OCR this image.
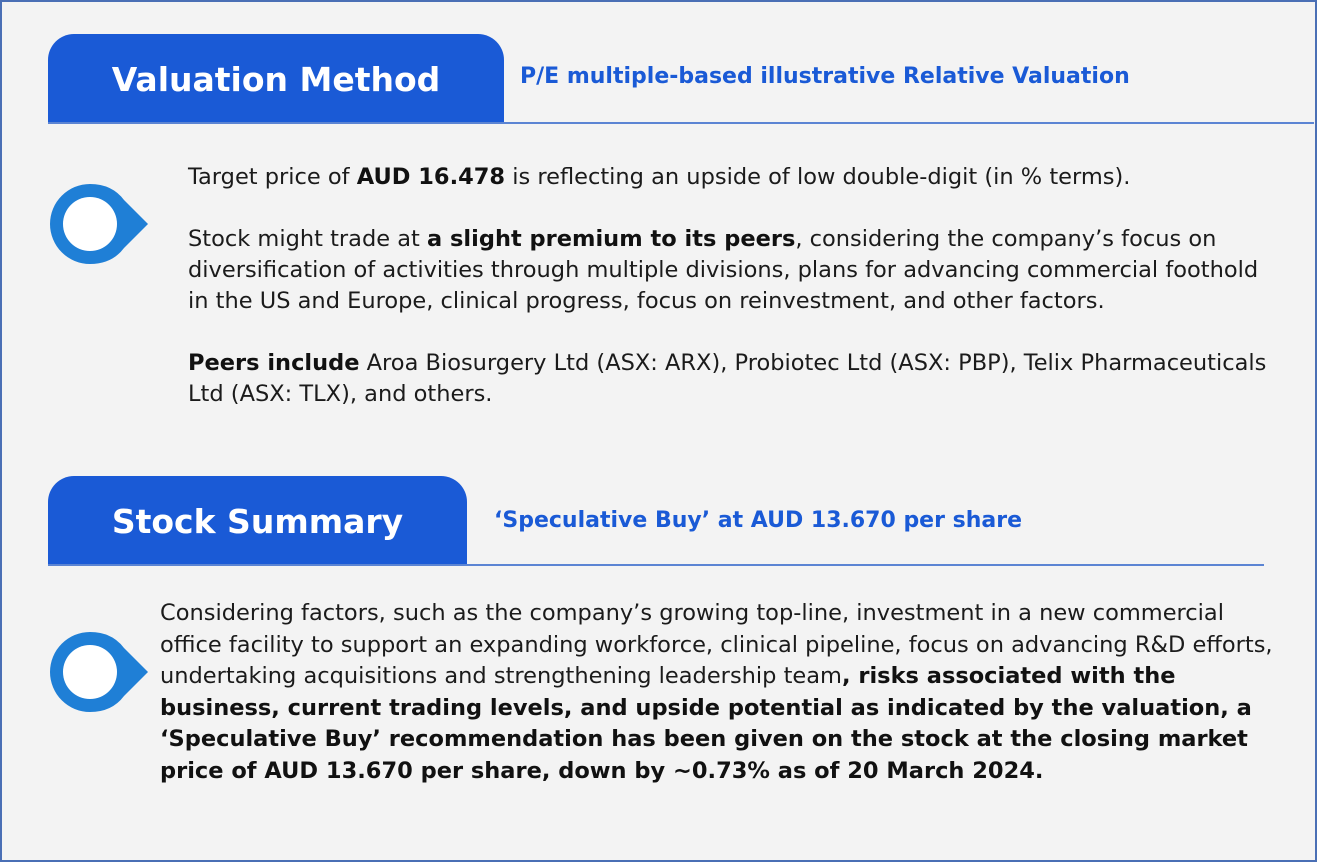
Valuation Method	P/E multiple-based illustrative Relative Valuation

Target price of AUD 16.478 is reflecting an upside of low double-digit (in % terms).

Stock might trade at a slight premium to its peers, considering the company’s focus on diversification of activities through multiple divisions, plans for advancing commercial foothold in the US and Europe, clinical progress, focus on reinvestment, and other factors.

Peers include Aroa Biosurgery Ltd (ASX: ARX), Probiotec Ltd (ASX: PBP), Telix Pharmaceuticals Ltd (ASX: TLX), and others.

Stock Summary	‘Speculative Buy’ at AUD 13.670 per share

Considering factors, such as the company’s growing top-line, investment in a new commercial office facility to support an expanding workforce, clinical pipeline, focus on advancing R&D efforts, undertaking acquisitions and strengthening leadership team, risks associated with the business, current trading levels, and upside potential as indicated by the valuation, a ‘Speculative Buy’ recommendation has been given on the stock at the closing market price of AUD 13.670 per share, down by ~0.73% as of 20 March 2024.
